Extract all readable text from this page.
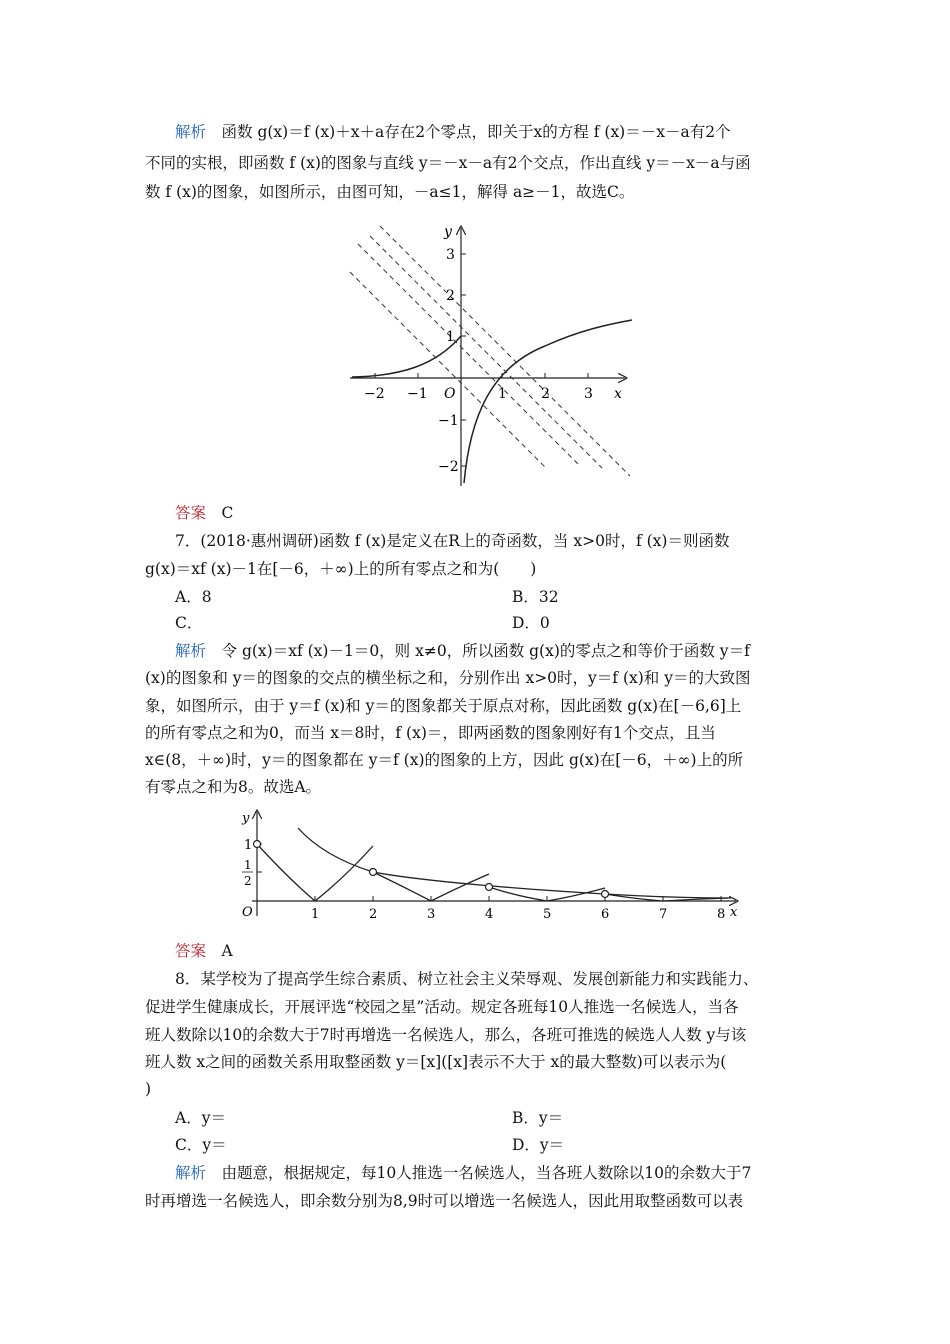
解析　 函数 g(x)＝f (x)＋x＋a存在2个零点，即关于x的方程 f (x)＝－x－a有2个
不同的实根，即函数 f (x)的图象与直线 y＝－x－a有2个交点，作出直线 y＝－x－a与函
数 f (x)的图象，如图所示，由图可知，－a≤1，解得 a≥－1，故选C。
y
x
O
−2 −1	1 2 3
3
2
1
−1
−2
答案　 C
7．(2018·惠州调研)函数 f (x)是定义在R上的奇函数，当 x>0时，f (x)＝则函数
g(x)＝xf (x)－1在[－6，＋∞)上的所有零点之和为(　　)
A．8	B．32
C．	D．0
解析　 令 g(x)＝xf (x)－1＝0，则 x≠0，所以函数 g(x)的零点之和等价于函数 y＝f
(x)的图象和 y＝的图象的交点的横坐标之和，分别作出 x>0时，y＝f (x)和 y＝的大致图
象，如图所示，由于 y＝f (x)和 y＝的图象都关于原点对称，因此函数 g(x)在[－6,6]上
的所有零点之和为0，而当 x＝8时，f (x)＝，即两函数的图象刚好有1个交点，且当
x∈(8，＋∞)时，y＝的图象都在 y＝f (x)的图象的上方，因此 g(x)在[－6，＋∞)上的所
有零点之和为8。故选A。
y
O
1
1
2
1	2	3	4	5	6	7	8 x
答案　 A
8．某学校为了提高学生综合素质、树立社会主义荣辱观、发展创新能力和实践能力、
促进学生健康成长，开展评选“校园之星”活动。规定各班每10人推选一名候选人，当各
班人数除以10的余数大于7时再增选一名候选人，那么，各班可推选的候选人人数 y与该
班人数 x之间的函数关系用取整函数 y＝[x]([x]表示不大于 x的最大整数)可以表示为(
)
A．y＝	B．y＝
C．y＝	D．y＝
解析　 由题意，根据规定，每10人推选一名候选人，当各班人数除以10的余数大于7
时再增选一名候选人，即余数分别为8,9时可以增选一名候选人，因此用取整函数可以表
